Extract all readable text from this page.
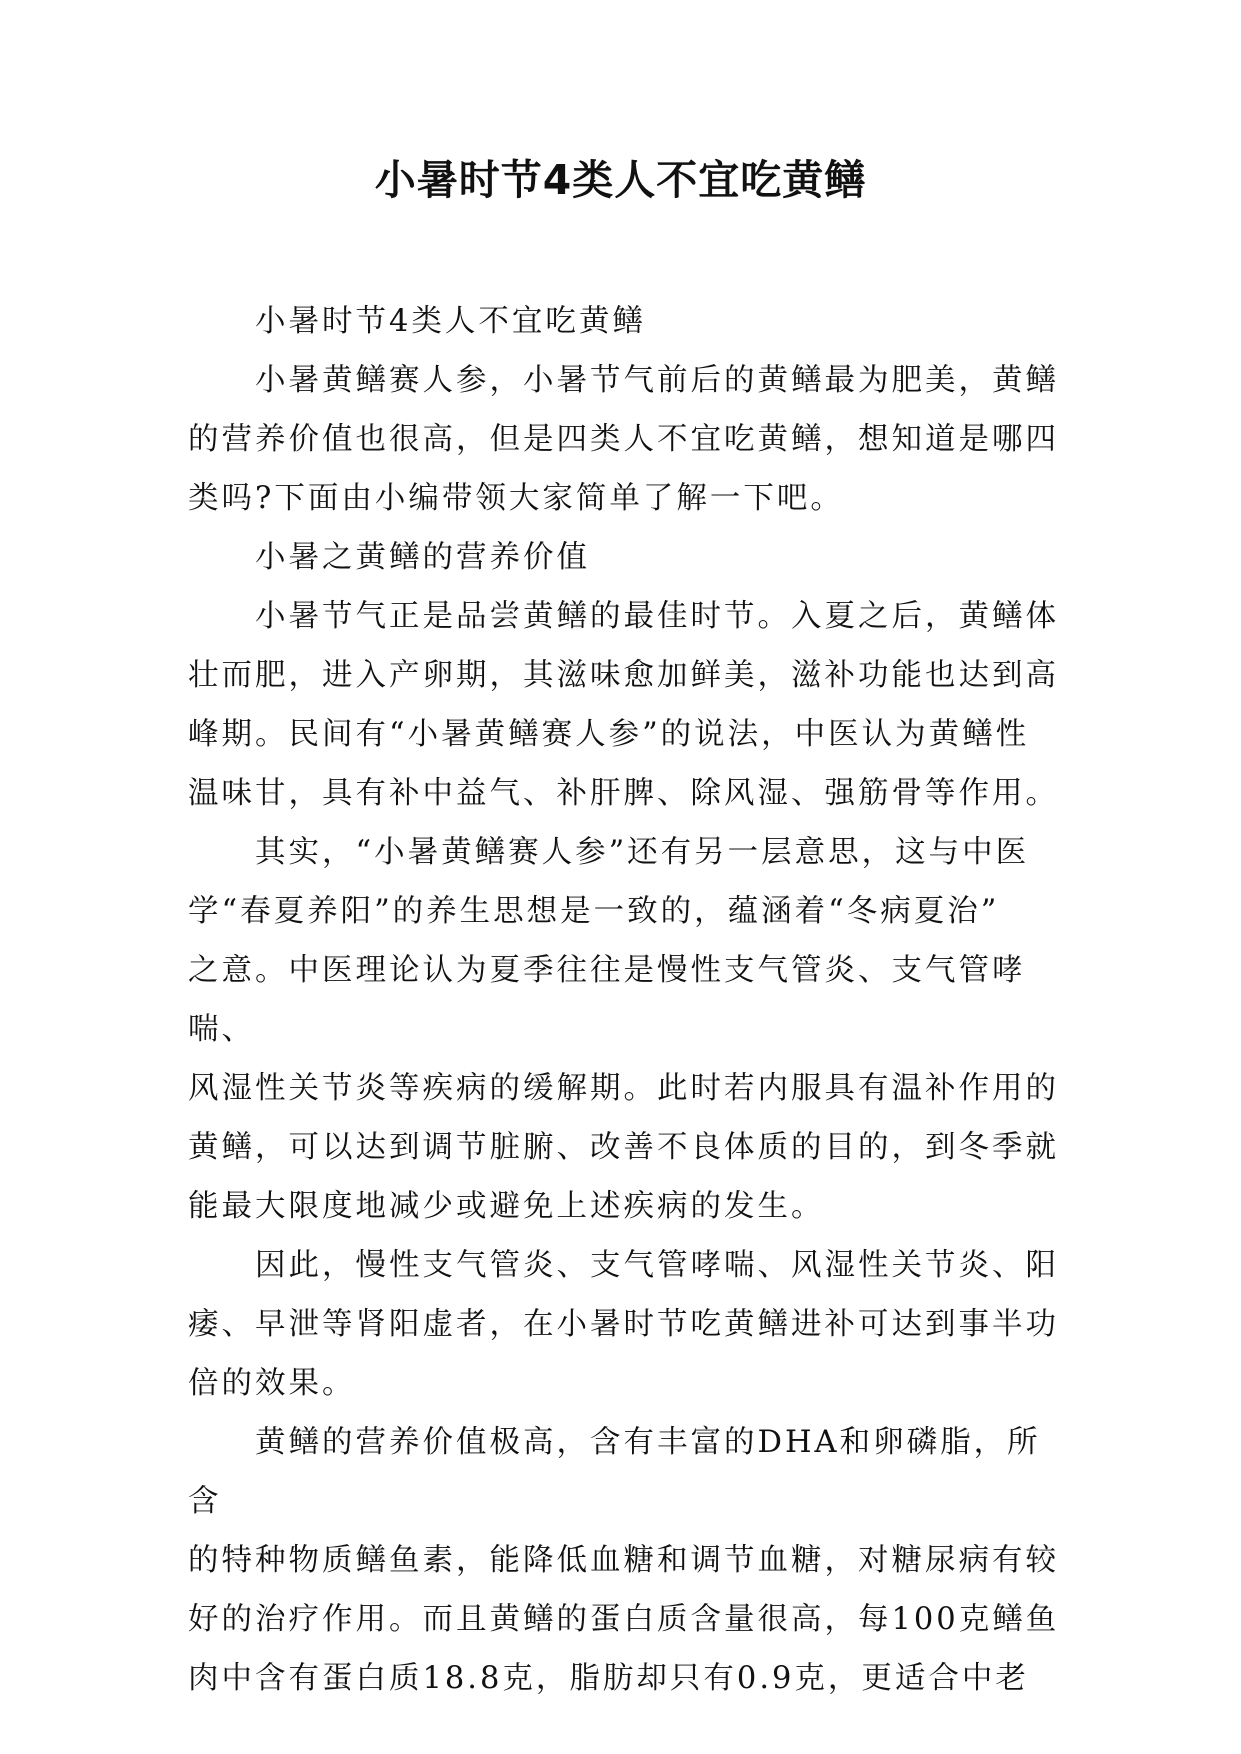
小暑时节4类人不宜吃黄鳝

　　小暑时节4类人不宜吃黄鳝

　　小暑黄鳝赛人参，小暑节气前后的黄鳝最为肥美，黄鳝
的营养价值也很高，但是四类人不宜吃黄鳝，想知道是哪四
类吗?下面由小编带领大家简单了解一下吧。

　　小暑之黄鳝的营养价值

　　小暑节气正是品尝黄鳝的最佳时节。入夏之后，黄鳝体
壮而肥，进入产卵期，其滋味愈加鲜美，滋补功能也达到高
峰期。民间有“小暑黄鳝赛人参”的说法，中医认为黄鳝性
温味甘，具有补中益气、补肝脾、除风湿、强筋骨等作用。

　　其实，“小暑黄鳝赛人参”还有另一层意思，这与中医
学“春夏养阳”的养生思想是一致的，蕴涵着“冬病夏治”
之意。中医理论认为夏季往往是慢性支气管炎、支气管哮喘、
风湿性关节炎等疾病的缓解期。此时若内服具有温补作用的
黄鳝，可以达到调节脏腑、改善不良体质的目的，到冬季就
能最大限度地减少或避免上述疾病的发生。

　　因此，慢性支气管炎、支气管哮喘、风湿性关节炎、阳
痿、早泄等肾阳虚者，在小暑时节吃黄鳝进补可达到事半功
倍的效果。

　　黄鳝的营养价值极高，含有丰富的DHA和卵磷脂，所含
的特种物质鳝鱼素，能降低血糖和调节血糖，对糖尿病有较
好的治疗作用。而且黄鳝的蛋白质含量很高，每100克鳝鱼
肉中含有蛋白质18.8克，脂肪却只有0.9克，更适合中老
